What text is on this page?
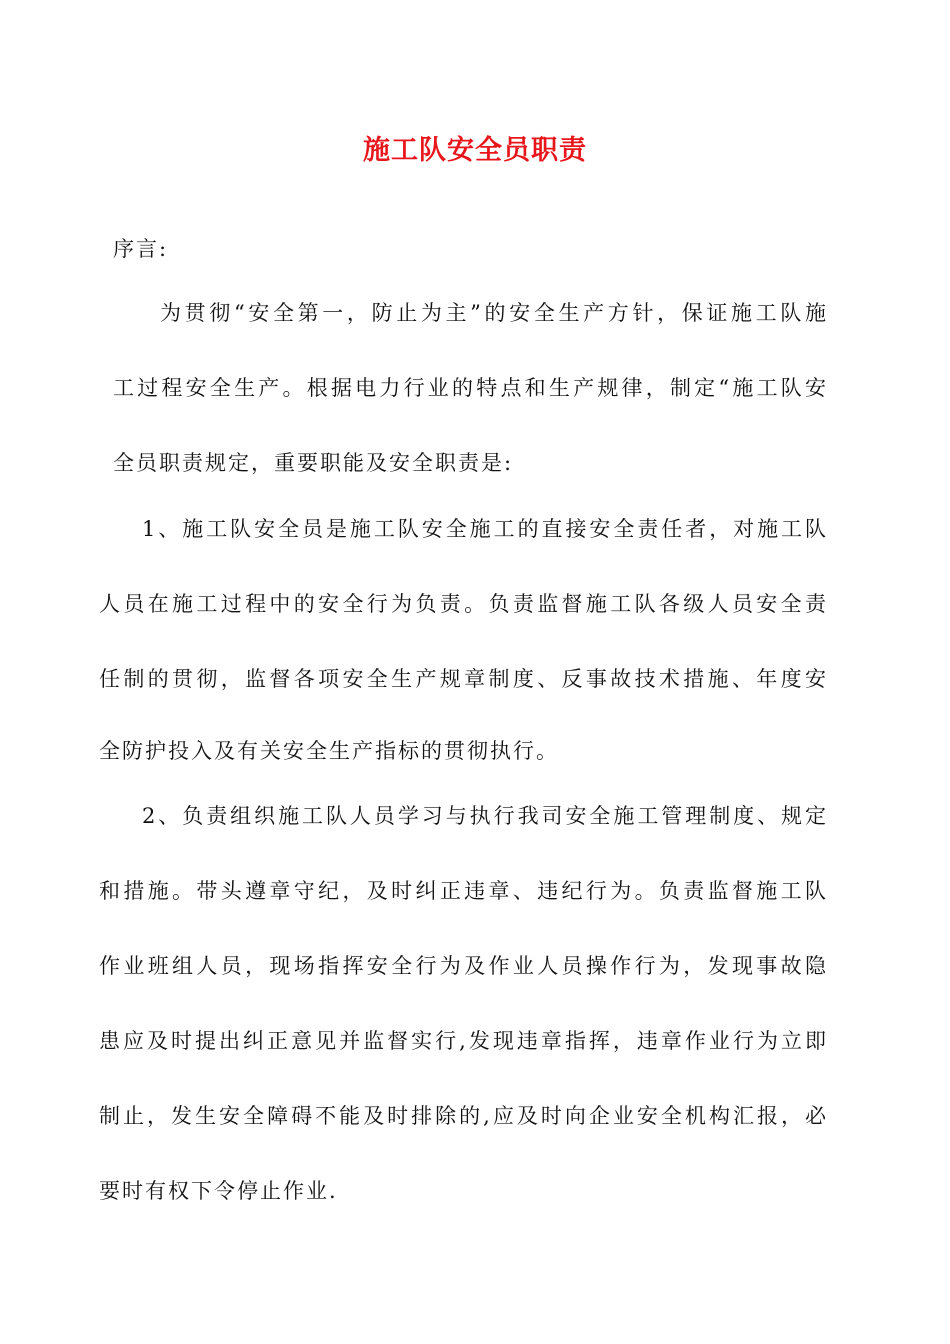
施工队安全员职责
序言:
为贯彻“安全第一，防止为主”的安全生产方针，保证施工队施
工过程安全生产。根据电力行业的特点和生产规律，制定“施工队安
全员职责规定，重要职能及安全职责是:
1、施工队安全员是施工队安全施工的直接安全责任者，对施工队
人员在施工过程中的安全行为负责。负责监督施工队各级人员安全责
任制的贯彻，监督各项安全生产规章制度、反事故技术措施、年度安
全防护投入及有关安全生产指标的贯彻执行。
2、负责组织施工队人员学习与执行我司安全施工管理制度、规定
和措施。带头遵章守纪，及时纠正违章、违纪行为。负责监督施工队
作业班组人员，现场指挥安全行为及作业人员操作行为，发现事故隐
患应及时提出纠正意见并监督实行,发现违章指挥，违章作业行为立即
制止，发生安全障碍不能及时排除的,应及时向企业安全机构汇报，必
要时有权下令停止作业.
